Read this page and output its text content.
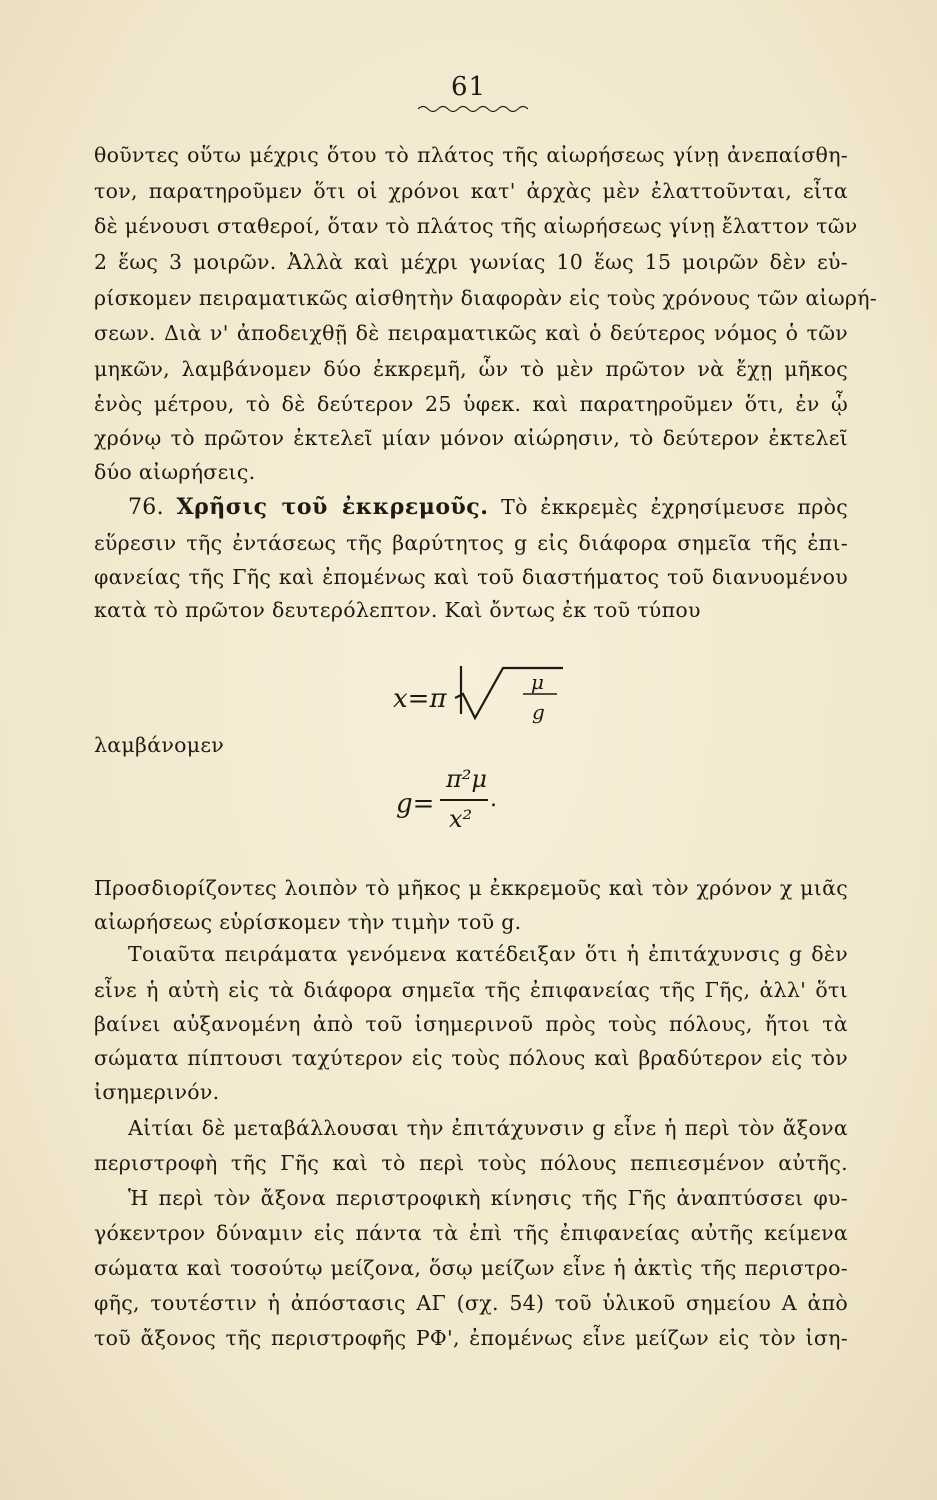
61
θοῦντες οὕτω μέχρις ὅτου τὸ πλάτος τῆς αἰωρήσεως γίνῃ ἀνεπαίσθη-
τον, παρατηροῦμεν ὅτι οἱ χρόνοι κατ' ἀρχὰς μὲν ἐλαττοῦνται, εἶτα
δὲ μένουσι σταθεροί, ὅταν τὸ πλάτος τῆς αἰωρήσεως γίνῃ ἔλαττον τῶν
2 ἕως 3 μοιρῶν. Ἀλλὰ καὶ μέχρι γωνίας 10 ἕως 15 μοιρῶν δὲν εὑ-
ρίσκομεν πειραματικῶς αἰσθητὴν διαφορὰν εἰς τοὺς χρόνους τῶν αἰωρή-
σεων. Διὰ ν' ἀποδειχθῇ δὲ πειραματικῶς καὶ ὁ δεύτερος νόμος ὁ τῶν
μηκῶν, λαμβάνομεν δύο ἐκκρεμῆ, ὧν τὸ μὲν πρῶτον νὰ ἔχῃ μῆκος
ἑνὸς μέτρου, τὸ δὲ δεύτερον 25 ὑφεκ. καὶ παρατηροῦμεν ὅτι, ἐν ᾧ
χρόνῳ τὸ πρῶτον ἐκτελεῖ μίαν μόνον αἰώρησιν, τὸ δεύτερον ἐκτελεῖ
δύο αἰωρήσεις.
76. Χρῆσις τοῦ ἐκκρεμοῦς. Τὸ ἐκκρεμὲς ἐχρησίμευσε πρὸς
εὕρεσιν τῆς ἐντάσεως τῆς βαρύτητος g εἰς διάφορα σημεῖα τῆς ἐπι-
φανείας τῆς Γῆς καὶ ἐπομένως καὶ τοῦ διαστήματος τοῦ διανυομένου
κατὰ τὸ πρῶτον δευτερόλεπτον. Καὶ ὄντως ἐκ τοῦ τύπου
x=π
μ
g
λαμβάνομεν
g=
π²μ
x²
.
Προσδιορίζοντες λοιπὸν τὸ μῆκος μ ἐκκρεμοῦς καὶ τὸν χρόνον χ μιᾶς
αἰωρήσεως εὑρίσκομεν τὴν τιμὴν τοῦ g.
Τοιαῦτα πειράματα γενόμενα κατέδειξαν ὅτι ἡ ἐπιτάχυνσις g δὲν
εἶνε ἡ αὐτὴ εἰς τὰ διάφορα σημεῖα τῆς ἐπιφανείας τῆς Γῆς, ἀλλ' ὅτι
βαίνει αὐξανομένη ἀπὸ τοῦ ἰσημερινοῦ πρὸς τοὺς πόλους, ἤτοι τὰ
σώματα πίπτουσι ταχύτερον εἰς τοὺς πόλους καὶ βραδύτερον εἰς τὸν
ἰσημερινόν.
Αἰτίαι δὲ μεταβάλλουσαι τὴν ἐπιτάχυνσιν g εἶνε ἡ περὶ τὸν ἄξονα
περιστροφὴ τῆς Γῆς καὶ τὸ περὶ τοὺς πόλους πεπιεσμένον αὐτῆς.
Ἡ περὶ τὸν ἄξονα περιστροφικὴ κίνησις τῆς Γῆς ἀναπτύσσει φυ-
γόκεντρον δύναμιν εἰς πάντα τὰ ἐπὶ τῆς ἐπιφανείας αὐτῆς κείμενα
σώματα καὶ τοσούτῳ μείζονα, ὅσῳ μείζων εἶνε ἡ ἀκτὶς τῆς περιστρο-
φῆς, τουτέστιν ἡ ἀπόστασις ΑΓ (σχ. 54) τοῦ ὑλικοῦ σημείου Α ἀπὸ
τοῦ ἄξονος τῆς περιστροφῆς ΡΦ', ἐπομένως εἶνε μείζων εἰς τὸν ἰση-
